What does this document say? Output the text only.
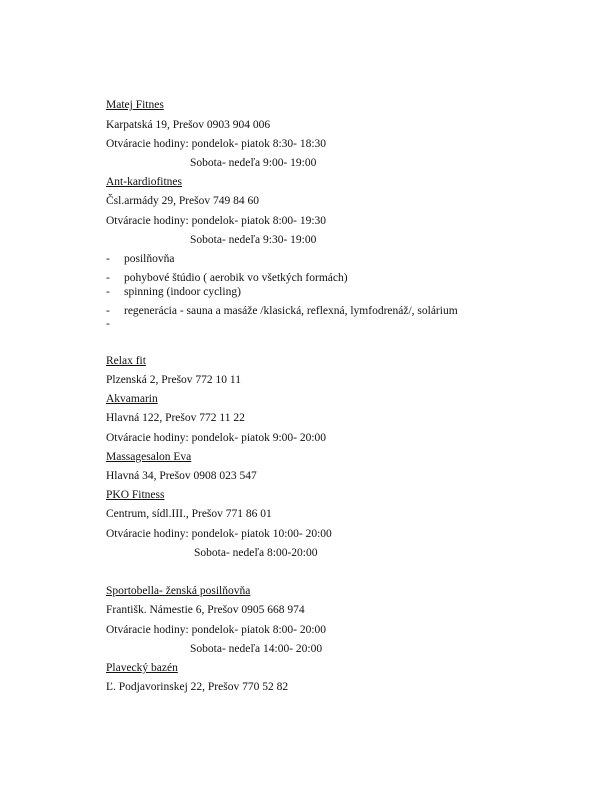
Matej Fitnes
Karpatská 19, Prešov 0903 904 006
Otváracie hodiny: pondelok- piatok 8:30- 18:30
Sobota- nedeľa 9:00- 19:00
Ant-kardiofitnes
Čsl.armády 29, Prešov 749 84 60
Otváracie hodiny: pondelok- piatok 8:00- 19:30
Sobota- nedeľa 9:30- 19:00
- posilňovňa
- pohybové štúdio ( aerobik vo všetkých formách)
- spinning (indoor cycling)
- regenerácia - sauna a masáže /klasická, reflexná, lymfodrenáž/, solárium
-
Relax fit
Plzenská 2, Prešov 772 10 11
Akvamarin
Hlavná 122, Prešov 772 11 22
Otváracie hodiny: pondelok- piatok 9:00- 20:00
Massagesalon Eva
Hlavná 34, Prešov 0908 023 547
PKO Fitness
Centrum, sídl.III., Prešov 771 86 01
Otváracie hodiny: pondelok- piatok 10:00- 20:00
Sobota- nedeľa 8:00-20:00
Sportobella- ženská posilňovňa
Františk. Námestie 6, Prešov 0905 668 974
Otváracie hodiny: pondelok- piatok 8:00- 20:00
Sobota- nedeľa 14:00- 20:00
Plavecký bazén
Ľ. Podjavorinskej 22, Prešov 770 52 82
